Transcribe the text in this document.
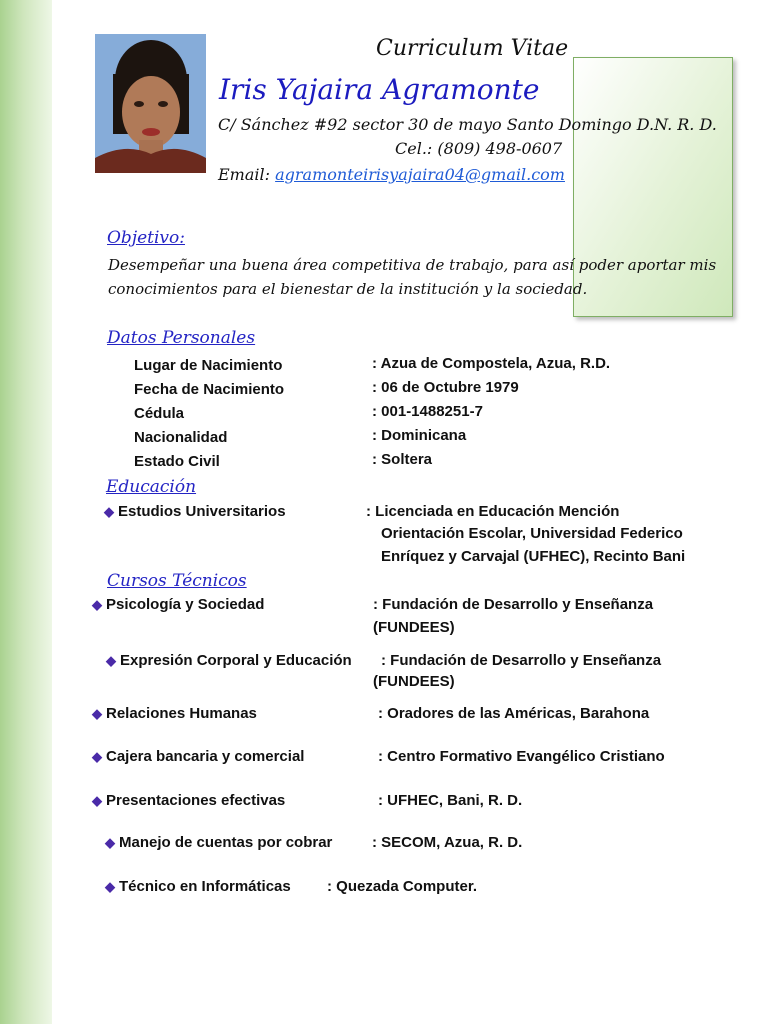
Curriculum Vitae
Iris Yajaira Agramonte
C/ Sánchez #92 sector 30 de mayo Santo Domingo D.N. R. D.
Cel.: (809) 498-0607
Email: agramonteirisyajaira04@gmail.com
Objetivo:
Desempeñar una buena área competitiva de trabajo, para así poder aportar mis
conocimientos para el bienestar de la institución y la sociedad.
Datos Personales
Lugar de Nacimiento	: Azua de Compostela, Azua, R.D.
Fecha de Nacimiento	: 06 de Octubre 1979
Cédula	: 001-1488251-7
Nacionalidad	: Dominicana
Estado Civil	: Soltera
Educación
◆ Estudios Universitarios	: Licenciada en Educación Mención
Orientación Escolar, Universidad Federico
Enríquez y Carvajal (UFHEC), Recinto Bani
Cursos Técnicos
◆ Psicología y Sociedad	: Fundación de Desarrollo y Enseñanza
(FUNDEES)
◆ Expresión Corporal y Educación : Fundación de Desarrollo y Enseñanza
(FUNDEES)
◆ Relaciones Humanas	: Oradores de las Américas, Barahona
◆ Cajera bancaria y comercial	: Centro Formativo Evangélico Cristiano
◆ Presentaciones efectivas	: UFHEC, Bani, R. D.
◆ Manejo de cuentas por cobrar	: SECOM, Azua, R. D.
◆ Técnico en Informáticas : Quezada Computer.
